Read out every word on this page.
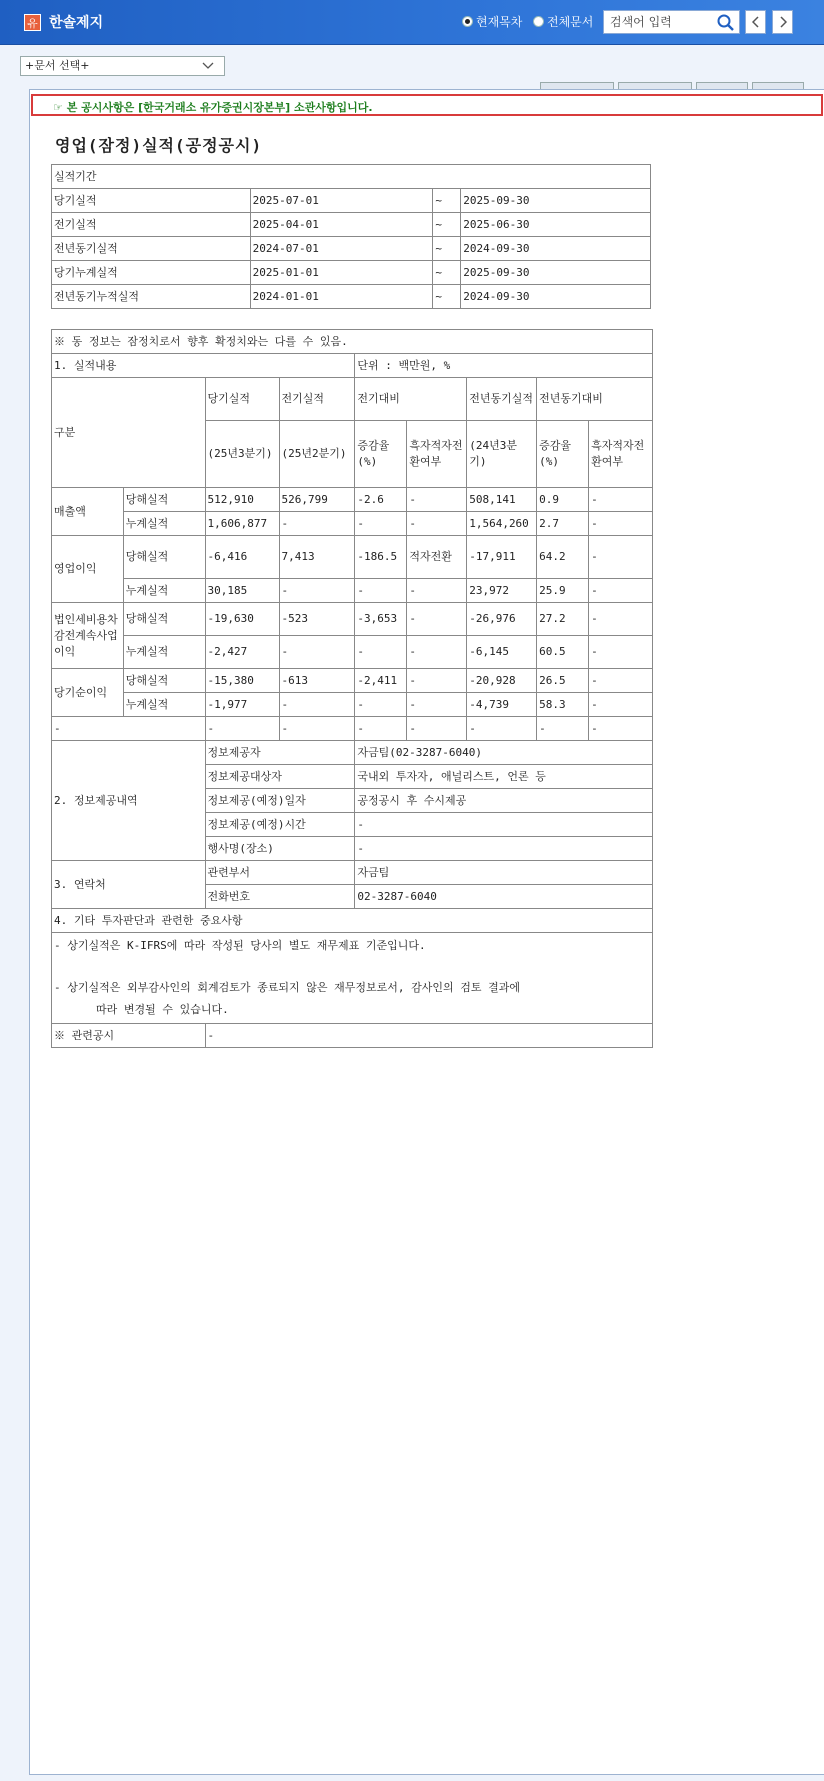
유 한솔제지	현재목차 전체문서
검색어 입력
+문서 선택+
☞ 본 공시사항은 [한국거래소 유가증권시장본부] 소관사항입니다.
영업(잠정)실적(공정공시)
실적기간			
당기실적	2025-07-01	~	2025-09-30
전기실적	2025-04-01	~	2025-06-30
전년동기실적	2024-07-01	~	2024-09-30
당기누계실적	2025-01-01	~	2025-09-30
전년동기누적실적	2024-01-01	~	2024-09-30
※ 동 정보는 잠정치로서 향후 확정치와는 다를 수 있음.								
1. 실적내용				단위 : 백만원, %				
구분		당기실적	전기실적	전기대비		전년동기실적	전년동기대비	
		(25년3분기)	(25년2분기)	증감율(%)	흑자적자전환여부	(24년3분기)	증감율(%)	흑자적자전환여부
매출액	당해실적	512,910	526,799	-2.6	-	508,141	0.9	-
	누계실적	1,606,877	-	-	-	1,564,260	2.7	-
영업이익	당해실적	-6,416	7,413	-186.5	적자전환	-17,911	64.2	-
	누계실적	30,185	-	-	-	23,972	25.9	-
법인세비용차감전계속사업이익	당해실적	-19,630	-523	-3,653	-	-26,976	27.2	-
	누계실적	-2,427	-	-	-	-6,145	60.5	-
당기순이익	당해실적	-15,380	-613	-2,411	-	-20,928	26.5	-
	누계실적	-1,977	-	-	-	-4,739	58.3	-
-		-	-	-	-	-	-	-
2. 정보제공내역		정보제공자		자금팀(02-3287-6040)				
		정보제공대상자		국내외 투자자, 애널리스트, 언론 등				
		정보제공(예정)일자		공정공시 후 수시제공				
		정보제공(예정)시간		-				
		행사명(장소)		-				
3. 연락처		관련부서		자금팀				
		전화번호		02-3287-6040				
4. 기타 투자판단과 관련한 중요사항								

- 상기실적은 K-IFRS에 따라 작성된 당사의 별도 재무제표 기준입니다.
- 상기실적은 외부감사인의 회계검토가 종료되지 않은 재무정보로서, 감사인의 검토 결과에
따라 변경될 수 있습니다.								

※ 관련공시		-						
